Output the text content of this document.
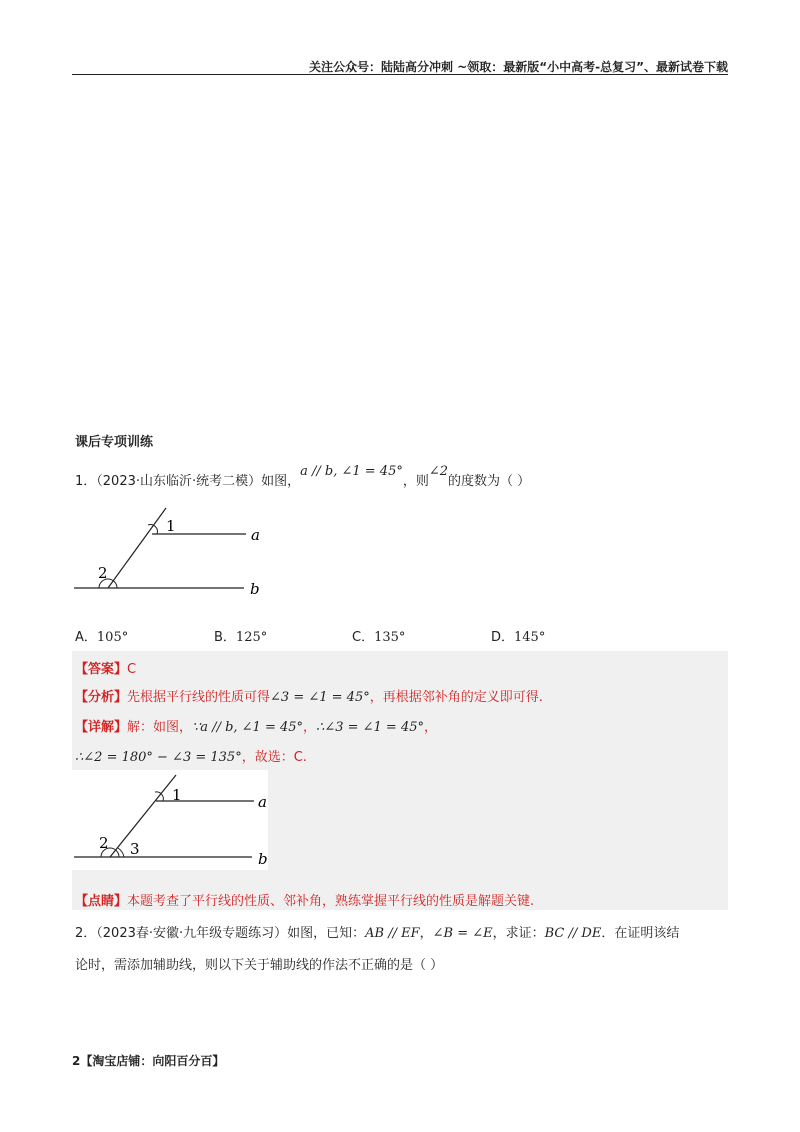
关注公众号：陆陆高分冲刺 ~领取：最新版“小中高考-总复习”、最新试卷下载
课后专项训练
1．（2023·山东临沂·统考二模）如图，a // b, ∠1 = 45°，则∠2的度数为（ ）
1
2
a
b
A．105°	B．125°	C．135°	D．145°
【答案】C
【分析】先根据平行线的性质可得∠3 = ∠1 = 45°，再根据邻补角的定义即可得.
【详解】解：如图，∵a // b, ∠1 = 45°，∴∠3 = ∠1 = 45°，
∴∠2 = 180° − ∠3 = 135°，故选：C.
1
2 3
a
b
【点睛】本题考查了平行线的性质、邻补角，熟练掌握平行线的性质是解题关键.
2．（2023春·安徽·九年级专题练习）如图，已知：AB // EF，∠B = ∠E，求证：BC // DE．在证明该结
论时，需添加辅助线，则以下关于辅助线的作法不正确的是（ ）
2【淘宝店铺：向阳百分百】
